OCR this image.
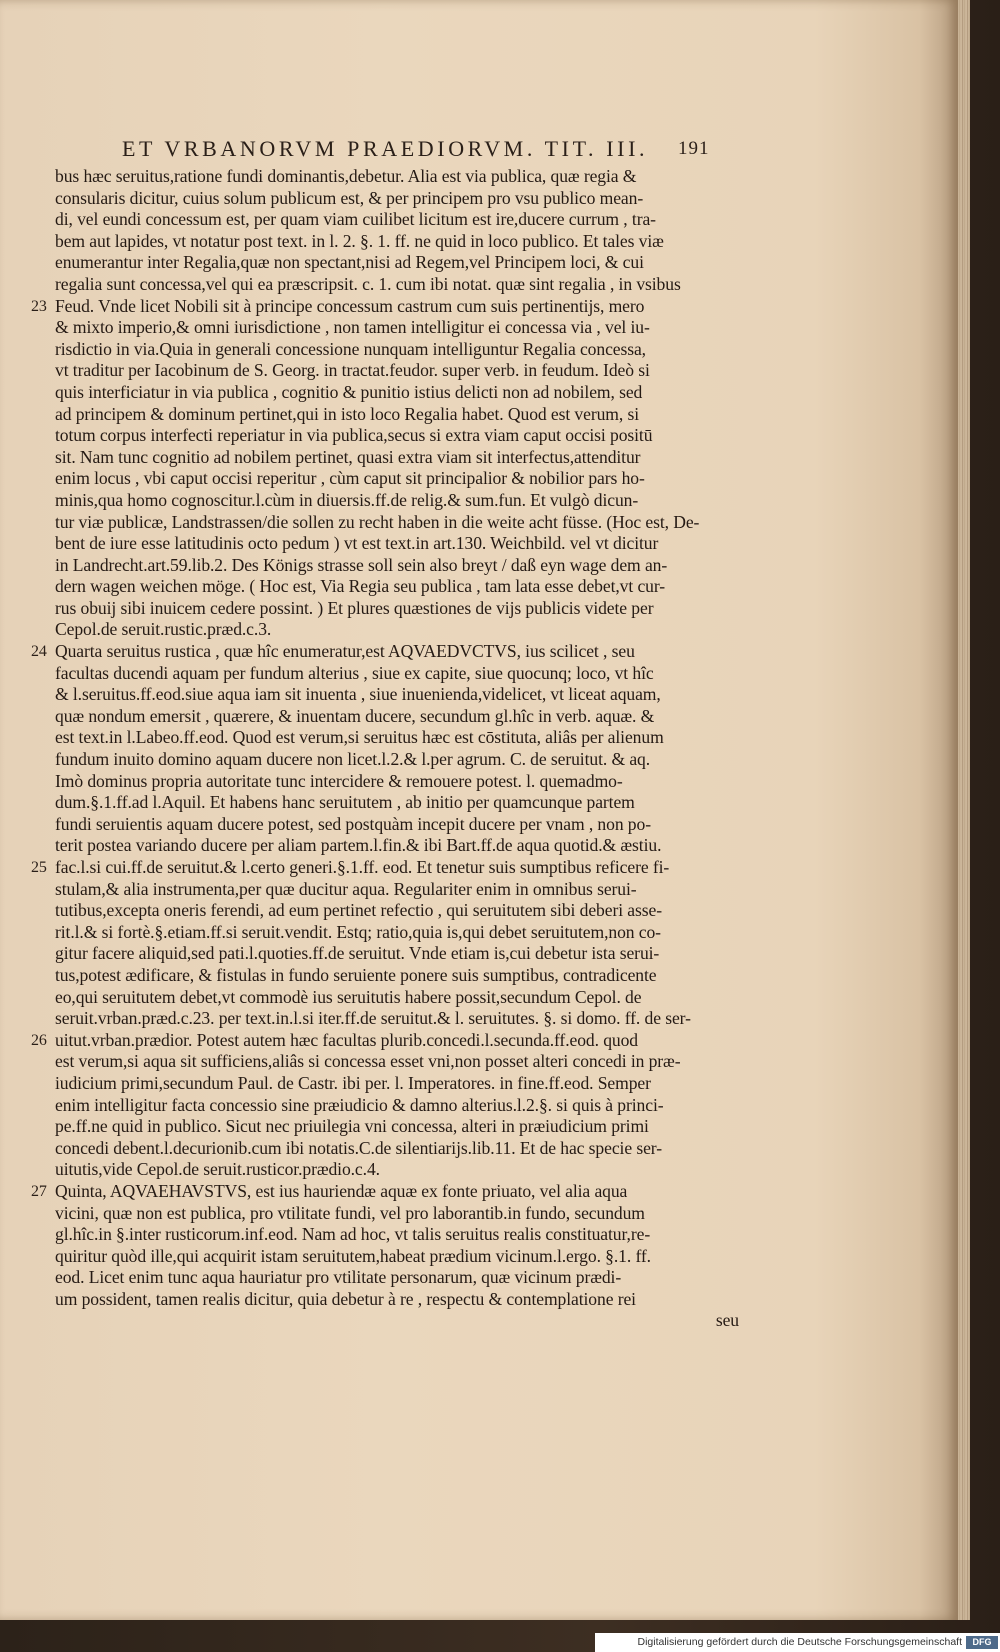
ET VRBANORVM PRAEDIORVM. TIT. III.	191
bus hæc seruitus,ratione fundi dominantis,debetur. Alia est via publica, quæ regia &
consularis dicitur, cuius solum publicum est, & per principem pro vsu publico mean-
di, vel eundi concessum est, per quam viam cuilibet licitum est ire,ducere currum , tra-
bem aut lapides, vt notatur post text. in l. 2. §. 1. ff. ne quid in loco publico. Et tales viæ
enumerantur inter Regalia,quæ non spectant,nisi ad Regem,vel Principem loci, & cui
regalia sunt concessa,vel qui ea præscripsit. c. 1. cum ibi notat. quæ sint regalia , in vsibus
23 Feud. Vnde licet Nobili sit à principe concessum castrum cum suis pertinentijs, mero
& mixto imperio,& omni iurisdictione , non tamen intelligitur ei concessa via , vel iu-
risdictio in via.Quia in generali concessione nunquam intelliguntur Regalia concessa,
vt traditur per Iacobinum de S. Georg. in tractat.feudor. super verb. in feudum. Ideò si
quis interficiatur in via publica , cognitio & punitio istius delicti non ad nobilem, sed
ad principem & dominum pertinet,qui in isto loco Regalia habet. Quod est verum, si
totum corpus interfecti reperiatur in via publica,secus si extra viam caput occisi positū
sit. Nam tunc cognitio ad nobilem pertinet, quasi extra viam sit interfectus,attenditur
enim locus , vbi caput occisi reperitur , cùm caput sit principalior & nobilior pars ho-
minis,qua homo cognoscitur.l.cùm in diuersis.ff.de relig.& sum.fun. Et vulgò dicun-
tur viæ publicæ, Landstrassen/die sollen zu recht haben in die weite acht füsse. (Hoc est, De-
bent de iure esse latitudinis octo pedum ) vt est text.in art.130. Weichbild. vel vt dicitur
in Landrecht.art.59.lib.2. Des Königs strasse soll sein also breyt / daß eyn wage dem an-
dern wagen weichen möge. ( Hoc est, Via Regia seu publica , tam lata esse debet,vt cur-
rus obuij sibi inuicem cedere possint. ) Et plures quæstiones de vijs publicis videte per
Cepol.de seruit.rustic.præd.c.3.
24 Quarta seruitus rustica , quæ hîc enumeratur,est AQVAEDVCTVS, ius scilicet , seu
facultas ducendi aquam per fundum alterius , siue ex capite, siue quocunq; loco, vt hîc
& l.seruitus.ff.eod.siue aqua iam sit inuenta , siue inuenienda,videlicet, vt liceat aquam,
quæ nondum emersit , quærere, & inuentam ducere, secundum gl.hîc in verb. aquæ. &
est text.in l.Labeo.ff.eod. Quod est verum,si seruitus hæc est cōstituta, aliâs per alienum
fundum inuito domino aquam ducere non licet.l.2.& l.per agrum. C. de seruitut. & aq.
Imò dominus propria autoritate tunc intercidere & remouere potest. l. quemadmo-
dum.§.1.ff.ad l.Aquil. Et habens hanc seruitutem , ab initio per quamcunque partem
fundi seruientis aquam ducere potest, sed postquàm incepit ducere per vnam , non po-
terit postea variando ducere per aliam partem.l.fin.& ibi Bart.ff.de aqua quotid.& æstiu.
25 fac.l.si cui.ff.de seruitut.& l.certo generi.§.1.ff. eod. Et tenetur suis sumptibus reficere fi-
stulam,& alia instrumenta,per quæ ducitur aqua. Regulariter enim in omnibus serui-
tutibus,excepta oneris ferendi, ad eum pertinet refectio , qui seruitutem sibi deberi asse-
rit.l.& si fortè.§.etiam.ff.si seruit.vendit. Estq; ratio,quia is,qui debet seruitutem,non co-
gitur facere aliquid,sed pati.l.quoties.ff.de seruitut. Vnde etiam is,cui debetur ista serui-
tus,potest ædificare, & fistulas in fundo seruiente ponere suis sumptibus, contradicente
eo,qui seruitutem debet,vt commodè ius seruitutis habere possit,secundum Cepol. de
seruit.vrban.præd.c.23. per text.in.l.si iter.ff.de seruitut.& l. seruitutes. §. si domo. ff. de ser-
26 uitut.vrban.prædior. Potest autem hæc facultas plurib.concedi.l.secunda.ff.eod. quod
est verum,si aqua sit sufficiens,aliâs si concessa esset vni,non posset alteri concedi in præ-
iudicium primi,secundum Paul. de Castr. ibi per. l. Imperatores. in fine.ff.eod. Semper
enim intelligitur facta concessio sine præiudicio & damno alterius.l.2.§. si quis à princi-
pe.ff.ne quid in publico. Sicut nec priuilegia vni concessa, alteri in præiudicium primi
concedi debent.l.decurionib.cum ibi notatis.C.de silentiarijs.lib.11. Et de hac specie ser-
uitutis,vide Cepol.de seruit.rusticor.prædio.c.4.
27 Quinta, AQVAEHAVSTVS, est ius hauriendæ aquæ ex fonte priuato, vel alia aqua
vicini, quæ non est publica, pro vtilitate fundi, vel pro laborantib.in fundo, secundum
gl.hîc.in §.inter rusticorum.inf.eod. Nam ad hoc, vt talis seruitus realis constituatur,re-
quiritur quòd ille,qui acquirit istam seruitutem,habeat prædium vicinum.l.ergo. §.1. ff.
eod. Licet enim tunc aqua hauriatur pro vtilitate personarum, quæ vicinum prædi-
um possident, tamen realis dicitur, quia debetur à re , respectu & contemplatione rei
seu
Digitalisierung gefördert durch die Deutsche Forschungsgemeinschaft	DFG
